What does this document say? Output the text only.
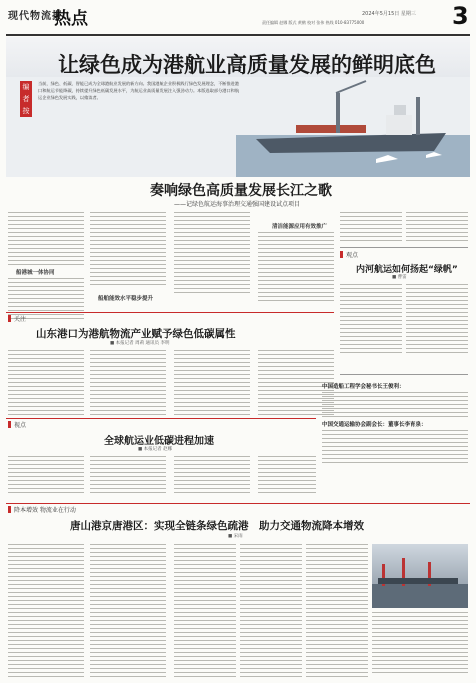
现代物流报
热点	2024年5月15日 星期三
责任编辑 赵娜 版式 黄鹤 校对 张伟 热线 010-83775000	3
让绿色成为港航业高质量发展的鲜明底色
编者按
当前，绿色、低碳、智能已成为全球港航业发展的新方向。我国港航企业积极践行绿色发展理念，不断推进港口和航运节能降碳，持续提升绿色低碳发展水平，为航运业高质量发展注入强劲动力。本版选取部分港口和航运企业绿色发展实践，以飨读者。
奏响绿色高质量发展长江之歌
——记绿色航运海事治理交通强国建设试点项目
船港城一体协同
船舶能效水平稳步提升
清洁能源应用有效推广
观点
内河航运如何扬起“绿帆”
■ 曹雷
关注
山东港口为港航物流产业赋予绿色低碳属性
■ 本报记者 周莉 通讯员 李明
中国造船工程学会秘书长王俊利：
中国交通运输协会副会长：董事长李育泉：
视点
全球航运业低碳进程加速
■ 本报记者 赵娜
降本增效 物流业在行动
唐山港京唐港区：实现全链条绿色疏港　助力交通物流降本增效
■ 宋雨
